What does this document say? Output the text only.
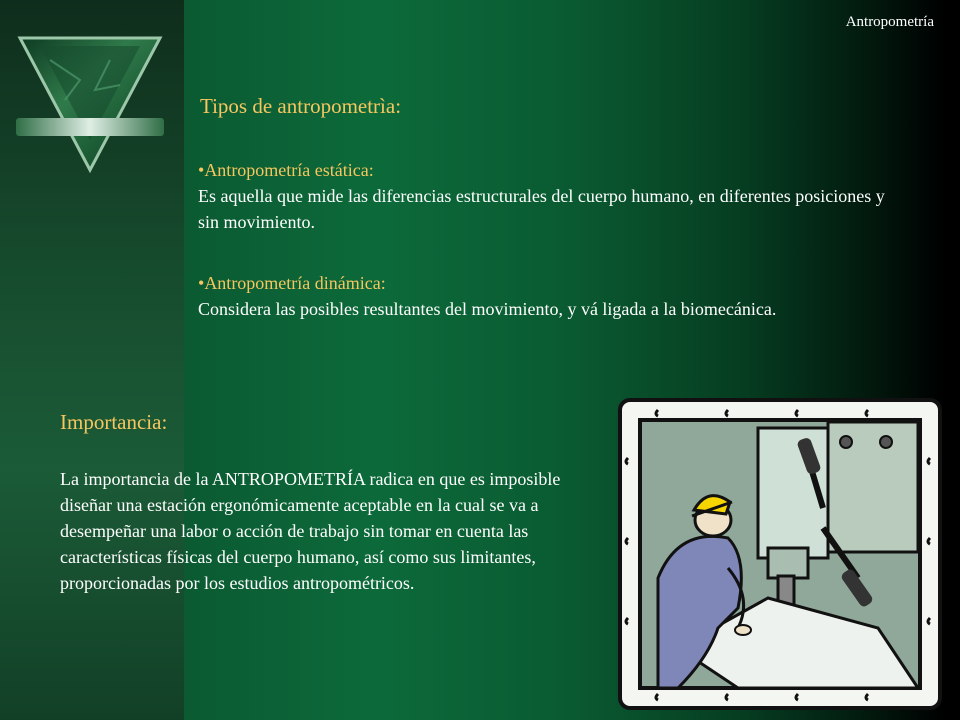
Antropometría
Tipos de antropometrìa:
•Antropometría estática:

Es aquella que mide las diferencias estructurales del cuerpo humano, en diferentes posiciones y sin movimiento.

•Antropometría dinámica:

Considera las posibles resultantes del movimiento, y vá ligada a la biomecánica.

Importancia:

La importancia de la ANTROPOMETRÍA radica en que es imposible diseñar una estación ergonómicamente aceptable en la cual se va a desempeñar una labor o acción de trabajo sin tomar en cuenta las características físicas del cuerpo humano, así como sus limitantes, proporcionadas por los estudios antropométricos.
